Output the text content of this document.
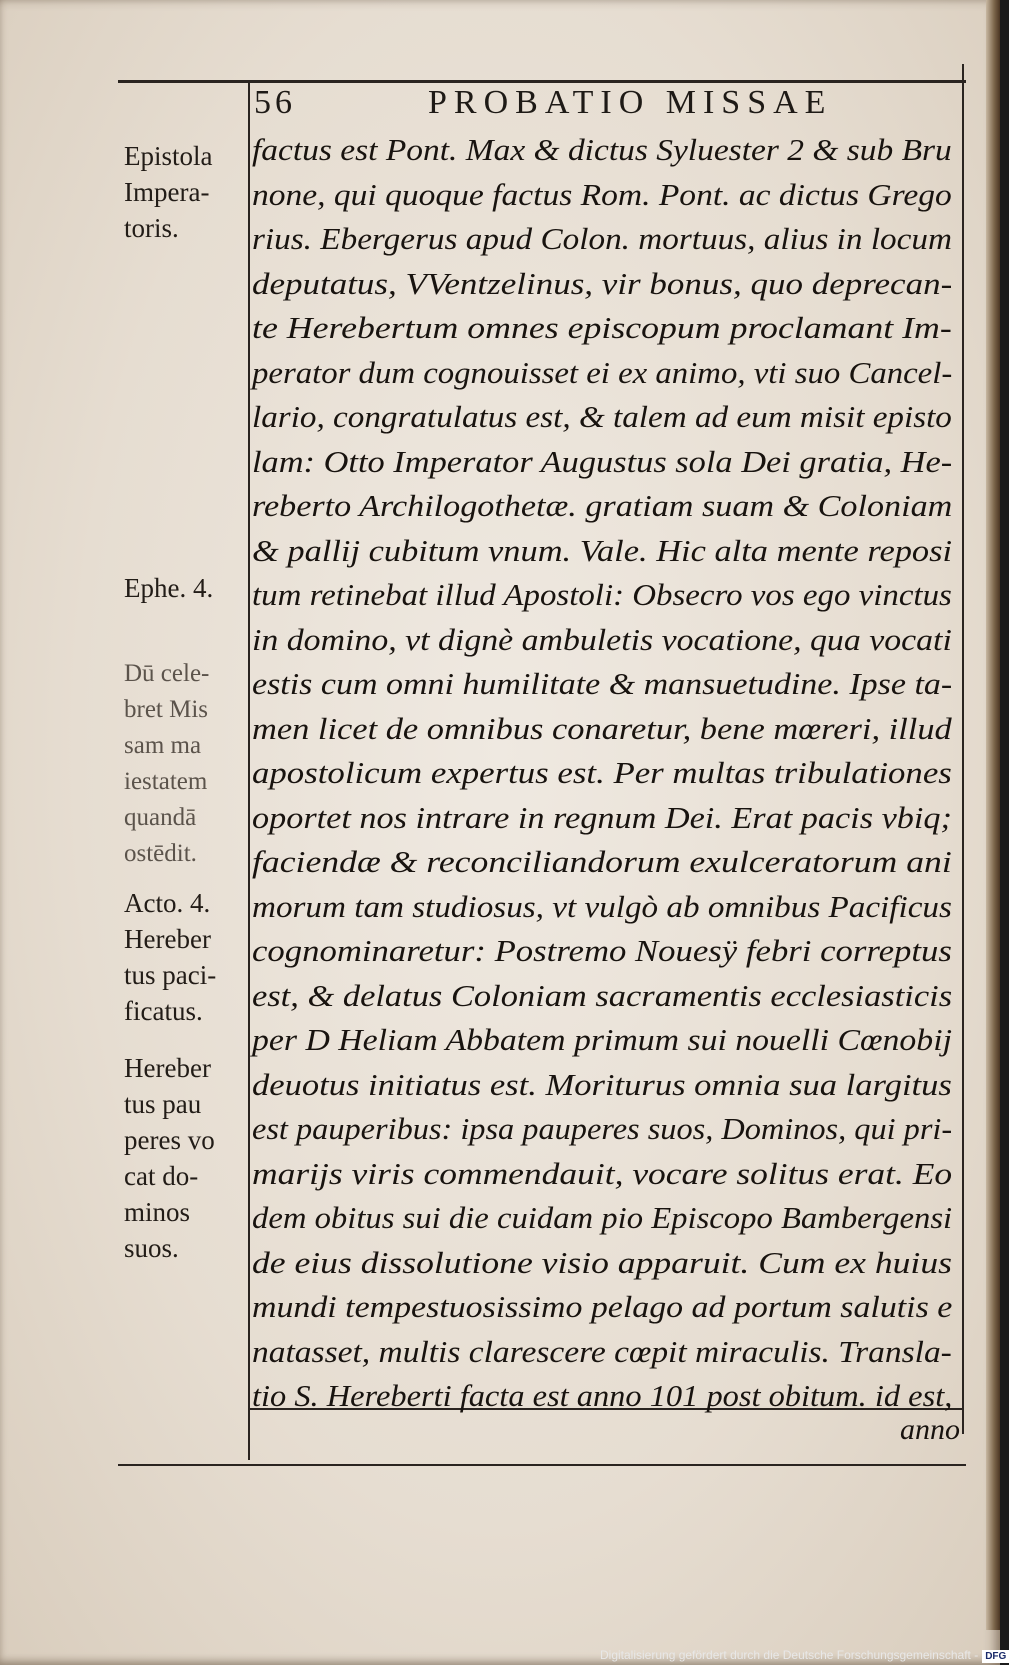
56	PROBATIO MISSAE
factus est Pont. Max & dictus Syluester 2 & sub Bru
none, qui quoque factus Rom. Pont. ac dictus Grego
rius. Ebergerus apud Colon. mortuus, alius in locum
deputatus, VVentzelinus, vir bonus, quo deprecan-
te Herebertum omnes episcopum proclamant Im-
perator dum cognouisset ei ex animo, vti suo Cancel-
lario, congratulatus est, & talem ad eum misit episto
lam: Otto Imperator Augustus sola Dei gratia, He-
reberto Archilogothetæ. gratiam suam & Coloniam
& pallij cubitum vnum. Vale. Hic alta mente reposi
tum retinebat illud Apostoli: Obsecro vos ego vinctus
in domino, vt dignè ambuletis vocatione, qua vocati
estis cum omni humilitate & mansuetudine. Ipse ta-
men licet de omnibus conaretur, bene mœreri, illud
apostolicum expertus est. Per multas tribulationes
oportet nos intrare in regnum Dei. Erat pacis vbiq;
faciendæ & reconciliandorum exulceratorum ani
morum tam studiosus, vt vulgò ab omnibus Pacificus
cognominaretur: Postremo Nouesÿ febri correptus
est, & delatus Coloniam sacramentis ecclesiasticis
per D Heliam Abbatem primum sui nouelli Cœnobij
deuotus initiatus est. Moriturus omnia sua largitus
est pauperibus: ipsa pauperes suos, Dominos, qui pri-
marijs viris commendauit, vocare solitus erat. Eo
dem obitus sui die cuidam pio Episcopo Bambergensi
de eius dissolutione visio apparuit. Cum ex huius
mundi tempestuosissimo pelago ad portum salutis e
natasset, multis clarescere cœpit miraculis. Transla-
tio S. Hereberti facta est anno 101 post obitum. id est,
anno
Epistola
Impera-
toris.
Ephe. 4.
Dū cele-
bret Mis
sam ma
iestatem
quandā
ostēdit.
Acto. 4.
Hereber
tus paci-
ficatus.
Hereber
tus pau
peres vo
cat do-
minos
suos.
Digitalisierung gefördert durch die Deutsche Forschungsgemeinschaft - DFG
